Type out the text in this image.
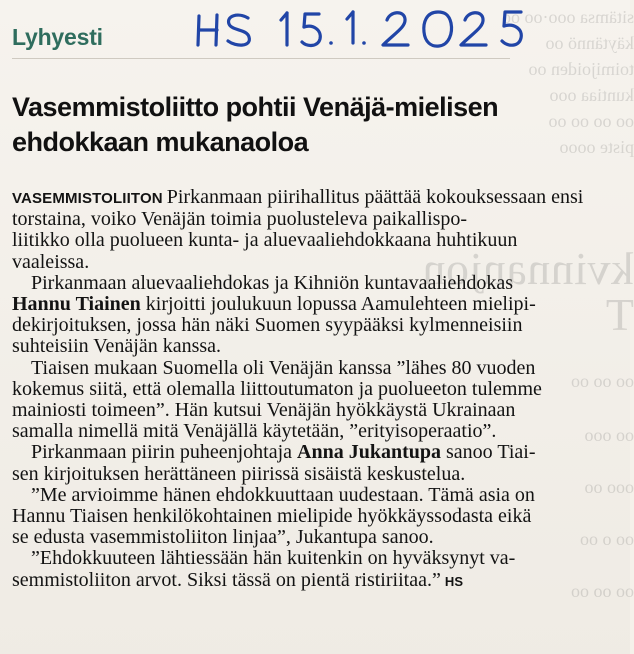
sitämsa ooo·oo oo
käytännö oo
toimijoiden oo
kuntiaa ooo
oo oo oo oo
piste oooo
kvinnanjon
T
oo oo oo
oo ooo
ooo oo
oo o oo
oo oo oo
Lyhyesti
Vasemmistoliitto pohtii Venäjä-mielisen
ehdokkaan mukanaoloa

VASEMMISTOLIITON Pirkanmaan piirihallitus päättää kokouksessaan ensi torstaina, voiko Venäjän toimia puolusteleva paikallispo-
liitikko olla puolueen kunta- ja aluevaaliehdokkaana huhtikuun
vaaleissa.

Pirkanmaan aluevaaliehdokas ja Kihniön kuntavaaliehdokas
Hannu Tiainen kirjoitti joulukuun lopussa Aamulehteen mielipi-
dekirjoituksen, jossa hän näki Suomen syypääksi kylmenneisiin
suhteisiin Venäjän kanssa.

Tiaisen mukaan Suomella oli Venäjän kanssa ”lähes 80 vuoden
kokemus siitä, että olemalla liittoutumaton ja puolueeton tulemme
mainiosti toimeen”. Hän kutsui Venäjän hyökkäystä Ukrainaan
samalla nimellä mitä Venäjällä käytetään, ”erityisoperaatio”.

Pirkanmaan piirin puheenjohtaja Anna Jukantupa sanoo Tiai-
sen kirjoituksen herättäneen piirissä sisäistä keskustelua.

”Me arvioimme hänen ehdokkuuttaan uudestaan. Tämä asia on
Hannu Tiaisen henkilökohtainen mielipide hyökkäyssodasta eikä
se edusta vasemmistoliiton linjaa”, Jukantupa sanoo.

”Ehdokkuuteen lähtiessään hän kuitenkin on hyväksynyt va-
semmistoliiton arvot. Siksi tässä on pientä ristiriitaa.” HS
